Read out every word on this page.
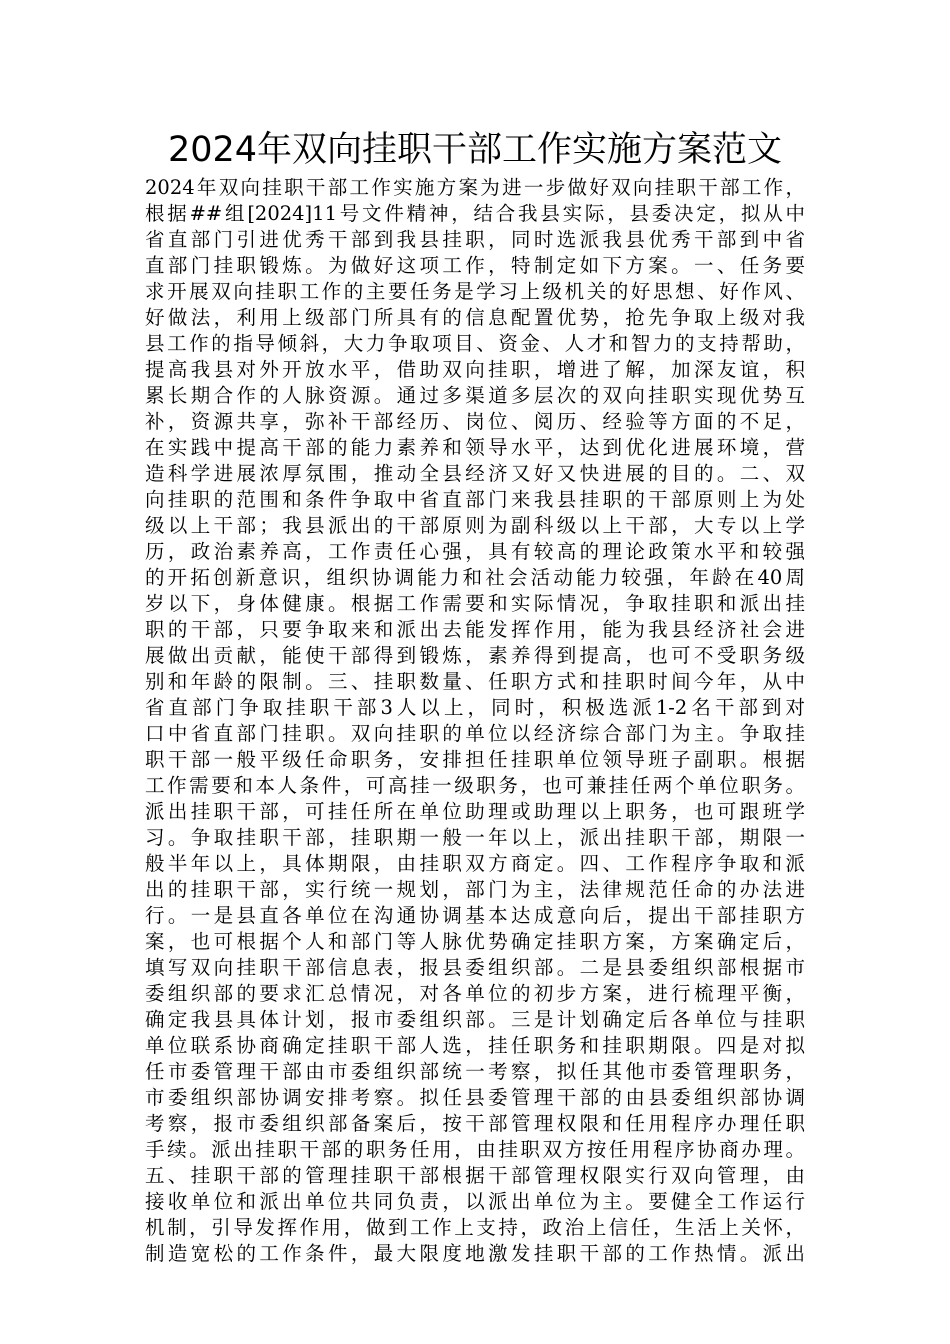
2024年双向挂职干部工作实施方案范文
2024年双向挂职干部工作实施方案为进一步做好双向挂职干部工作，
根据##组[2024]11号文件精神，结合我县实际，县委决定，拟从中
省直部门引进优秀干部到我县挂职，同时选派我县优秀干部到中省
直部门挂职锻炼。为做好这项工作，特制定如下方案。一、任务要
求开展双向挂职工作的主要任务是学习上级机关的好思想、好作风、
好做法，利用上级部门所具有的信息配置优势，抢先争取上级对我
县工作的指导倾斜，大力争取项目、资金、人才和智力的支持帮助，
提高我县对外开放水平，借助双向挂职，增进了解，加深友谊，积
累长期合作的人脉资源。通过多渠道多层次的双向挂职实现优势互
补，资源共享，弥补干部经历、岗位、阅历、经验等方面的不足，
在实践中提高干部的能力素养和领导水平，达到优化进展环境，营
造科学进展浓厚氛围，推动全县经济又好又快进展的目的。二、双
向挂职的范围和条件争取中省直部门来我县挂职的干部原则上为处
级以上干部；我县派出的干部原则为副科级以上干部，大专以上学
历，政治素养高，工作责任心强，具有较高的理论政策水平和较强
的开拓创新意识，组织协调能力和社会活动能力较强，年龄在40周
岁以下，身体健康。根据工作需要和实际情况，争取挂职和派出挂
职的干部，只要争取来和派出去能发挥作用，能为我县经济社会进
展做出贡献，能使干部得到锻炼，素养得到提高，也可不受职务级
别和年龄的限制。三、挂职数量、任职方式和挂职时间今年，从中
省直部门争取挂职干部3人以上，同时，积极选派1-2名干部到对
口中省直部门挂职。双向挂职的单位以经济综合部门为主。争取挂
职干部一般平级任命职务，安排担任挂职单位领导班子副职。根据
工作需要和本人条件，可高挂一级职务，也可兼挂任两个单位职务。
派出挂职干部，可挂任所在单位助理或助理以上职务，也可跟班学
习。争取挂职干部，挂职期一般一年以上，派出挂职干部，期限一
般半年以上，具体期限，由挂职双方商定。四、工作程序争取和派
出的挂职干部，实行统一规划，部门为主，法律规范任命的办法进
行。一是县直各单位在沟通协调基本达成意向后，提出干部挂职方
案，也可根据个人和部门等人脉优势确定挂职方案，方案确定后，
填写双向挂职干部信息表，报县委组织部。二是县委组织部根据市
委组织部的要求汇总情况，对各单位的初步方案，进行梳理平衡，
确定我县具体计划，报市委组织部。三是计划确定后各单位与挂职
单位联系协商确定挂职干部人选，挂任职务和挂职期限。四是对拟
任市委管理干部由市委组织部统一考察，拟任其他市委管理职务，
市委组织部协调安排考察。拟任县委管理干部的由县委组织部协调
考察，报市委组织部备案后，按干部管理权限和任用程序办理任职
手续。派出挂职干部的职务任用，由挂职双方按任用程序协商办理。
五、挂职干部的管理挂职干部根据干部管理权限实行双向管理，由
接收单位和派出单位共同负责，以派出单位为主。要健全工作运行
机制，引导发挥作用，做到工作上支持，政治上信任，生活上关怀，
制造宽松的工作条件，最大限度地激发挂职干部的工作热情。派出
